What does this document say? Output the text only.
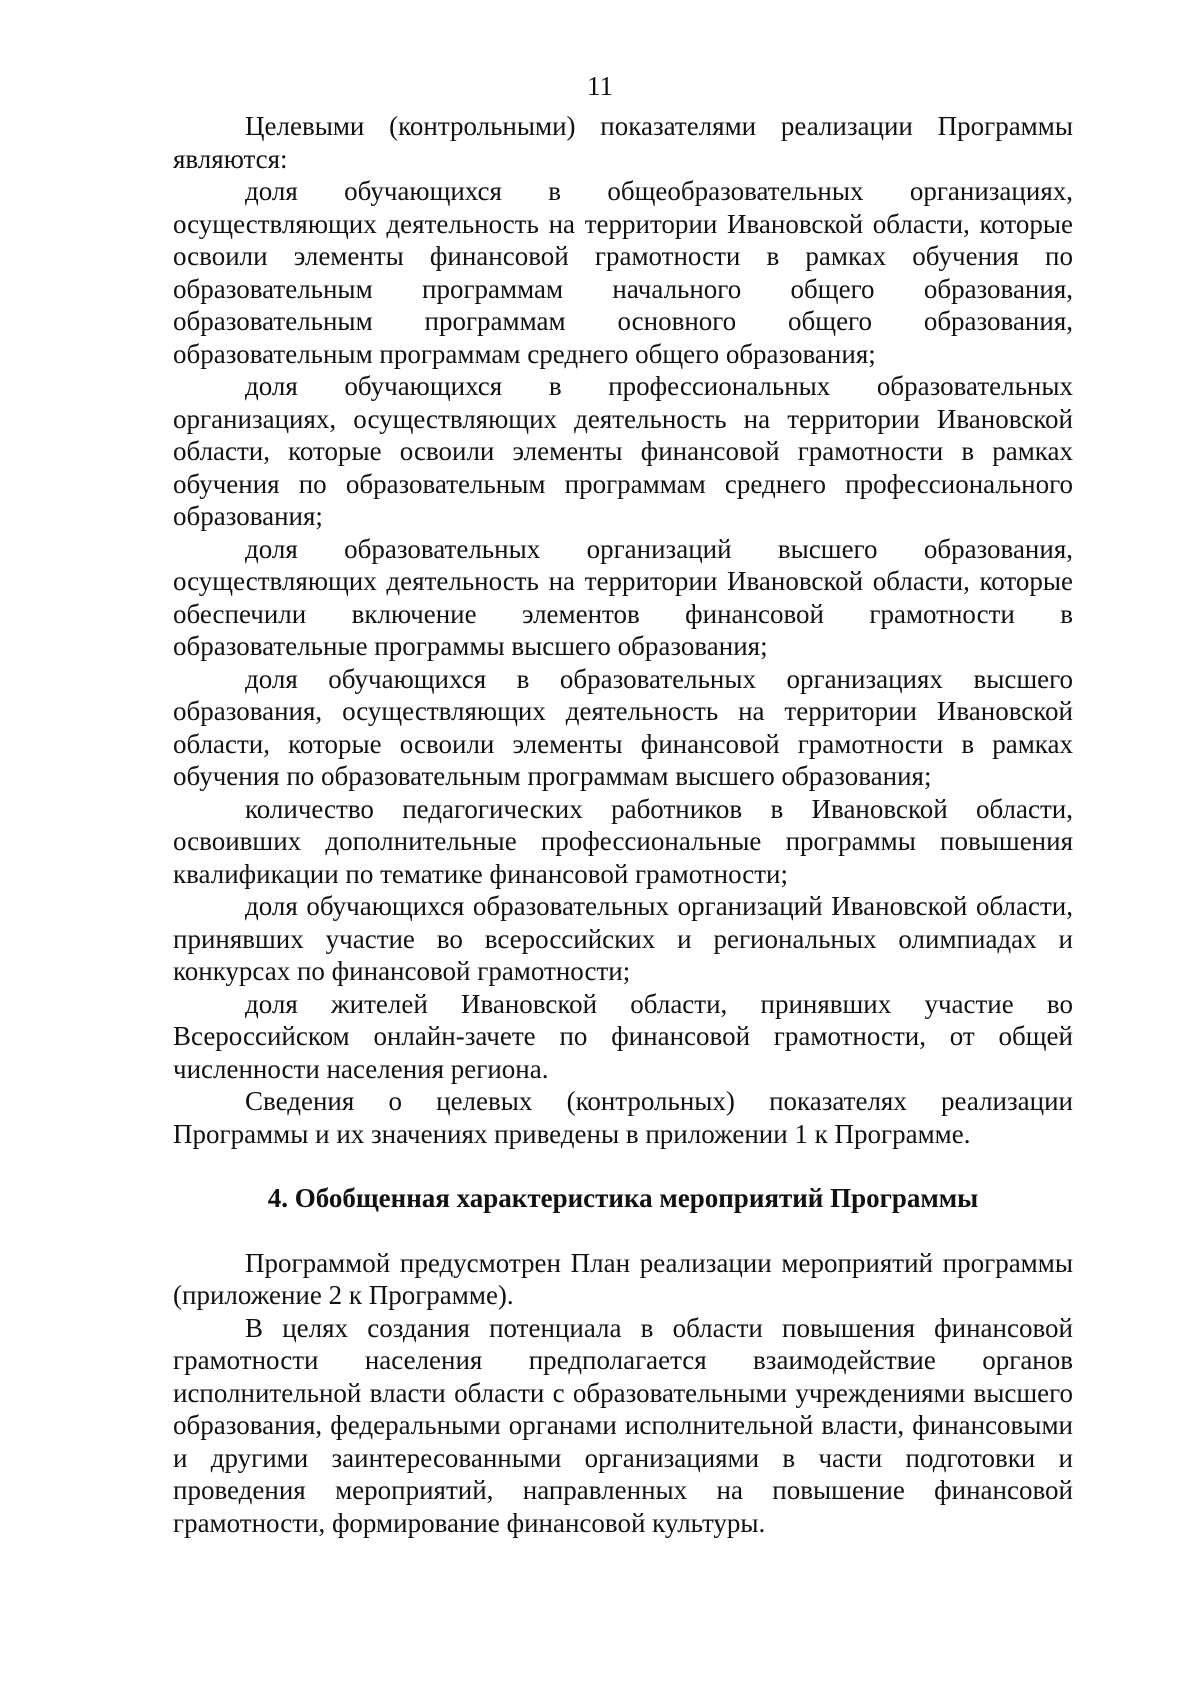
11

Целевыми (контрольными) показателями реализации Программы являются:

доля обучающихся в общеобразовательных организациях, осуществляющих деятельность на территории Ивановской области, которые освоили элементы финансовой грамотности в рамках обучения по образовательным программам начального общего образования, образовательным программам основного общего образования, образовательным программам среднего общего образования;

доля обучающихся в профессиональных образовательных организациях, осуществляющих деятельность на территории Ивановской области, которые освоили элементы финансовой грамотности в рамках обучения по образовательным программам среднего профессионального образования;

доля образовательных организаций высшего образования, осуществляющих деятельность на территории Ивановской области, которые обеспечили включение элементов финансовой грамотности в образовательные программы высшего образования;

доля обучающихся в образовательных организациях высшего образования, осуществляющих деятельность на территории Ивановской области, которые освоили элементы финансовой грамотности в рамках обучения по образовательным программам высшего образования;

количество педагогических работников в Ивановской области, освоивших дополнительные профессиональные программы повышения квалификации по тематике финансовой грамотности;

доля обучающихся образовательных организаций Ивановской области, принявших участие во всероссийских и региональных олимпиадах и конкурсах по финансовой грамотности;

доля жителей Ивановской области, принявших участие во Всероссийском онлайн-зачете по финансовой грамотности, от общей численности населения региона.

Сведения о целевых (контрольных) показателях реализации Программы и их значениях приведены в приложении 1 к Программе.

4. Обобщенная характеристика мероприятий Программы

Программой предусмотрен План реализации мероприятий программы (приложение 2 к Программе).

В целях создания потенциала в области повышения финансовой грамотности населения предполагается взаимодействие органов исполнительной власти области с образовательными учреждениями высшего образования, федеральными органами исполнительной власти, финансовыми и другими заинтересованными организациями в части подготовки и проведения мероприятий, направленных на повышение финансовой грамотности, формирование финансовой культуры.
